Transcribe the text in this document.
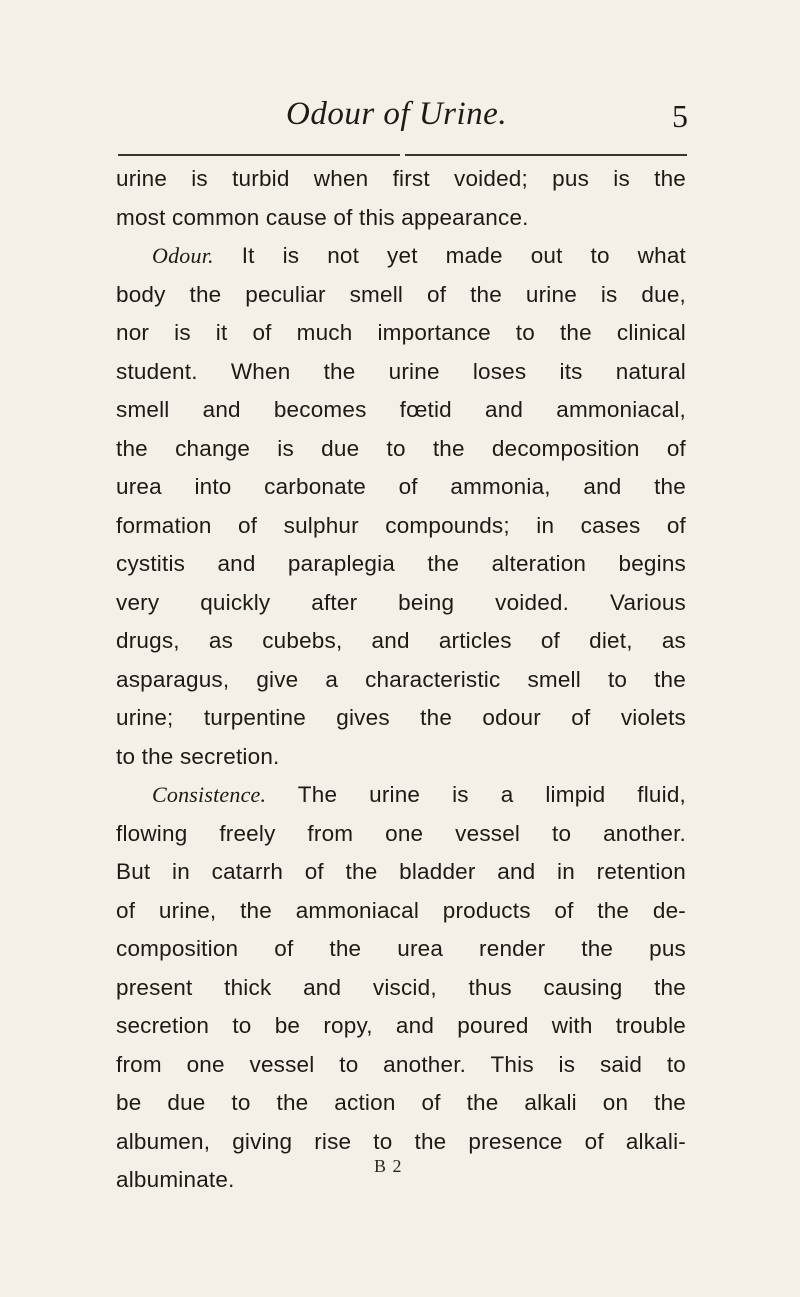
Odour of Urine.	5
urine is turbid when first voided; pus is the
most common cause of this appearance.
Odour. It is not yet made out to what
body the peculiar smell of the urine is due,
nor is it of much importance to the clinical
student. When the urine loses its natural
smell and becomes fœtid and ammoniacal,
the change is due to the decomposition of
urea into carbonate of ammonia, and the
formation of sulphur compounds; in cases of
cystitis and paraplegia the alteration begins
very quickly after being voided. Various
drugs, as cubebs, and articles of diet, as
asparagus, give a characteristic smell to the
urine; turpentine gives the odour of violets
to the secretion.
Consistence. The urine is a limpid fluid,
flowing freely from one vessel to another.
But in catarrh of the bladder and in retention
of urine, the ammoniacal products of the de-
composition of the urea render the pus
present thick and viscid, thus causing the
secretion to be ropy, and poured with trouble
from one vessel to another. This is said to
be due to the action of the alkali on the
albumen, giving rise to the presence of alkali-
albuminate.
B 2
